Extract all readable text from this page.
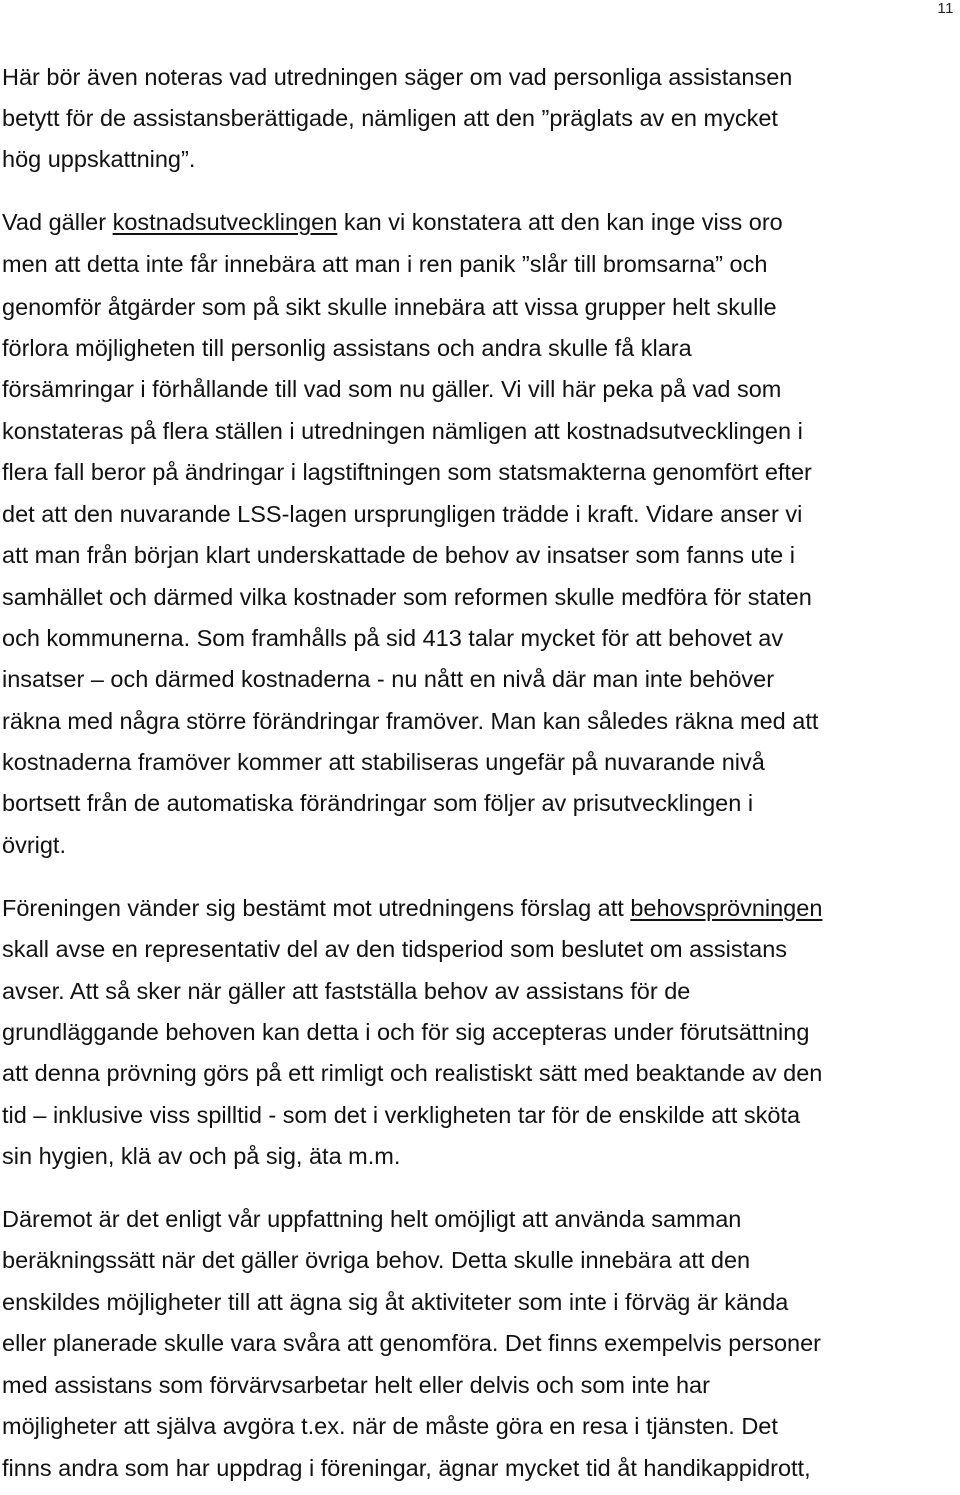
11
Här bör även noteras vad utredningen säger om vad personliga assistansen
betytt för de assistansberättigade, nämligen att den ”präglats av en mycket
hög uppskattning”.
Vad gäller kostnadsutvecklingen kan vi konstatera att den kan inge viss oro
men att detta inte får innebära att man i ren panik ”slår till bromsarna” och
genomför åtgärder som på sikt skulle innebära att vissa grupper helt skulle
förlora möjligheten till personlig assistans och andra skulle få klara
försämringar i förhållande till vad som nu gäller. Vi vill här peka på vad som
konstateras på flera ställen i utredningen nämligen att kostnadsutvecklingen i
flera fall beror på ändringar i lagstiftningen som statsmakterna genomfört efter
det att den nuvarande LSS-lagen ursprungligen trädde i kraft. Vidare anser vi
att man från början klart underskattade de behov av insatser som fanns ute i
samhället och därmed vilka kostnader som reformen skulle medföra för staten
och kommunerna. Som framhålls på sid 413 talar mycket för att behovet av
insatser – och därmed kostnaderna - nu nått en nivå där man inte behöver
räkna med några större förändringar framöver. Man kan således räkna med att
kostnaderna framöver kommer att stabiliseras ungefär på nuvarande nivå
bortsett från de automatiska förändringar som följer av prisutvecklingen i
övrigt.
Föreningen vänder sig bestämt mot utredningens förslag att behovsprövningen
skall avse en representativ del av den tidsperiod som beslutet om assistans
avser. Att så sker när gäller att fastställa behov av assistans för de
grundläggande behoven kan detta i och för sig accepteras under förutsättning
att denna prövning görs på ett rimligt och realistiskt sätt med beaktande av den
tid – inklusive viss spilltid - som det i verkligheten tar för de enskilde att sköta
sin hygien, klä av och på sig, äta m.m.
Däremot är det enligt vår uppfattning helt omöjligt att använda samman
beräkningssätt när det gäller övriga behov. Detta skulle innebära att den
enskildes möjligheter till att ägna sig åt aktiviteter som inte i förväg är kända
eller planerade skulle vara svåra att genomföra. Det finns exempelvis personer
med assistans som förvärvsarbetar helt eller delvis och som inte har
möjligheter att själva avgöra t.ex. när de måste göra en resa i tjänsten. Det
finns andra som har uppdrag i föreningar, ägnar mycket tid åt handikappidrott,
